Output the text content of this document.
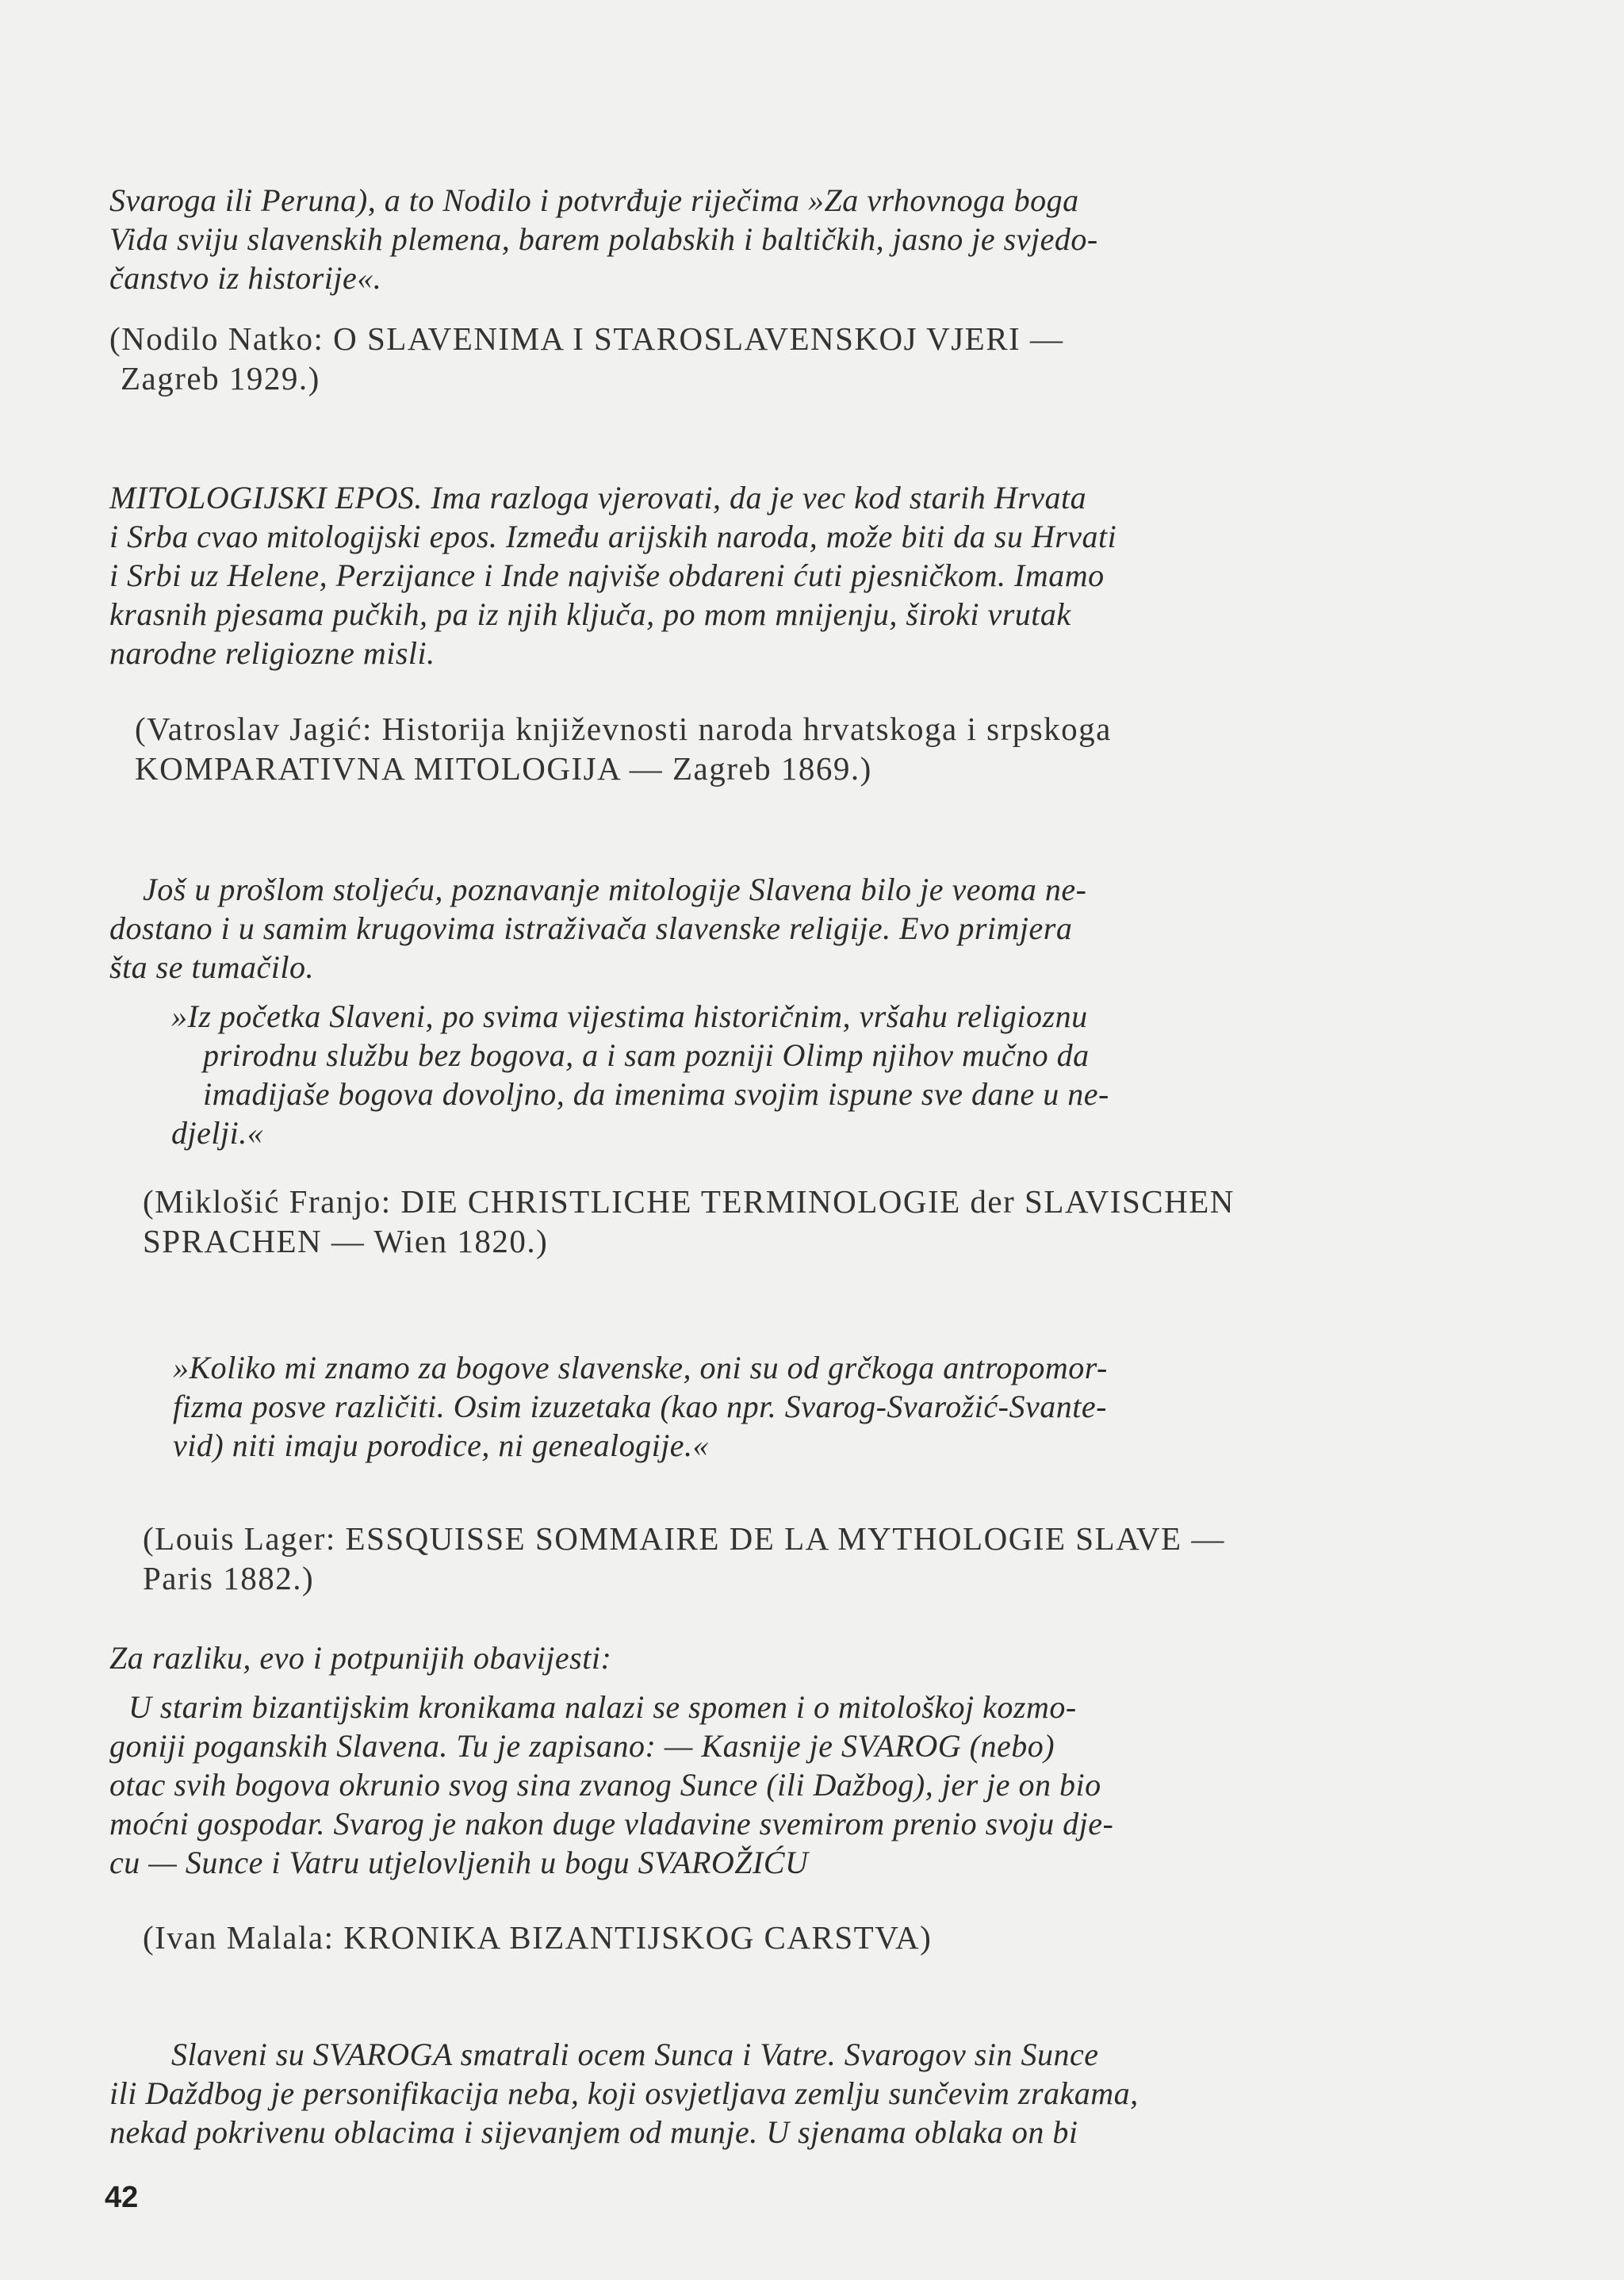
Svaroga ili Peruna), a to Nodilo i potvrđuje riječima »Za vrhovnoga boga
Vida sviju slavenskih plemena, barem polabskih i baltičkih, jasno je svjedo-
čanstvo iz historije«.
(Nodilo Natko: O SLAVENIMA I STAROSLAVENSKOJ VJERI —
Zagreb 1929.)
MITOLOGIJSKI EPOS. Ima razloga vjerovati, da je vec kod starih Hrvata
i Srba cvao mitologijski epos. Između arijskih naroda, može biti da su Hrvati
i Srbi uz Helene, Perzijance i Inde najviše obdareni ćuti pjesničkom. Imamo
krasnih pjesama pučkih, pa iz njih ključa, po mom mnijenju, široki vrutak
narodne religiozne misli.
(Vatroslav Jagić: Historija književnosti naroda hrvatskoga i srpskoga
KOMPARATIVNA MITOLOGIJA — Zagreb 1869.)
Još u prošlom stoljeću, poznavanje mitologije Slavena bilo je veoma ne-
dostano i u samim krugovima istraživača slavenske religije. Evo primjera
šta se tumačilo.
»Iz početka Slaveni, po svima vijestima historičnim, vršahu religioznu
prirodnu službu bez bogova, a i sam pozniji Olimp njihov mučno da
imadijaše bogova dovoljno, da imenima svojim ispune sve dane u ne-
djelji.«
(Miklošić Franjo: DIE CHRISTLICHE TERMINOLOGIE der SLAVISCHEN
SPRACHEN — Wien 1820.)
»Koliko mi znamo za bogove slavenske, oni su od grčkoga antropomor-
fizma posve različiti. Osim izuzetaka (kao npr. Svarog-Svarožić-Svante-
vid) niti imaju porodice, ni genealogije.«
(Louis Lager: ESSQUISSE SOMMAIRE DE LA MYTHOLOGIE SLAVE —
Paris 1882.)
Za razliku, evo i potpunijih obavijesti:
U starim bizantijskim kronikama nalazi se spomen i o mitološkoj kozmo-
goniji poganskih Slavena. Tu je zapisano: — Kasnije je SVAROG (nebo)
otac svih bogova okrunio svog sina zvanog Sunce (ili Dažbog), jer je on bio
moćni gospodar. Svarog je nakon duge vladavine svemirom prenio svoju dje-
cu — Sunce i Vatru utjelovljenih u bogu SVAROŽIĆU
(Ivan Malala: KRONIKA BIZANTIJSKOG CARSTVA)
Slaveni su SVAROGA smatrali ocem Sunca i Vatre. Svarogov sin Sunce
ili Daždbog je personifikacija neba, koji osvjetljava zemlju sunčevim zrakama,
nekad pokrivenu oblacima i sijevanjem od munje. U sjenama oblaka on bi
42
